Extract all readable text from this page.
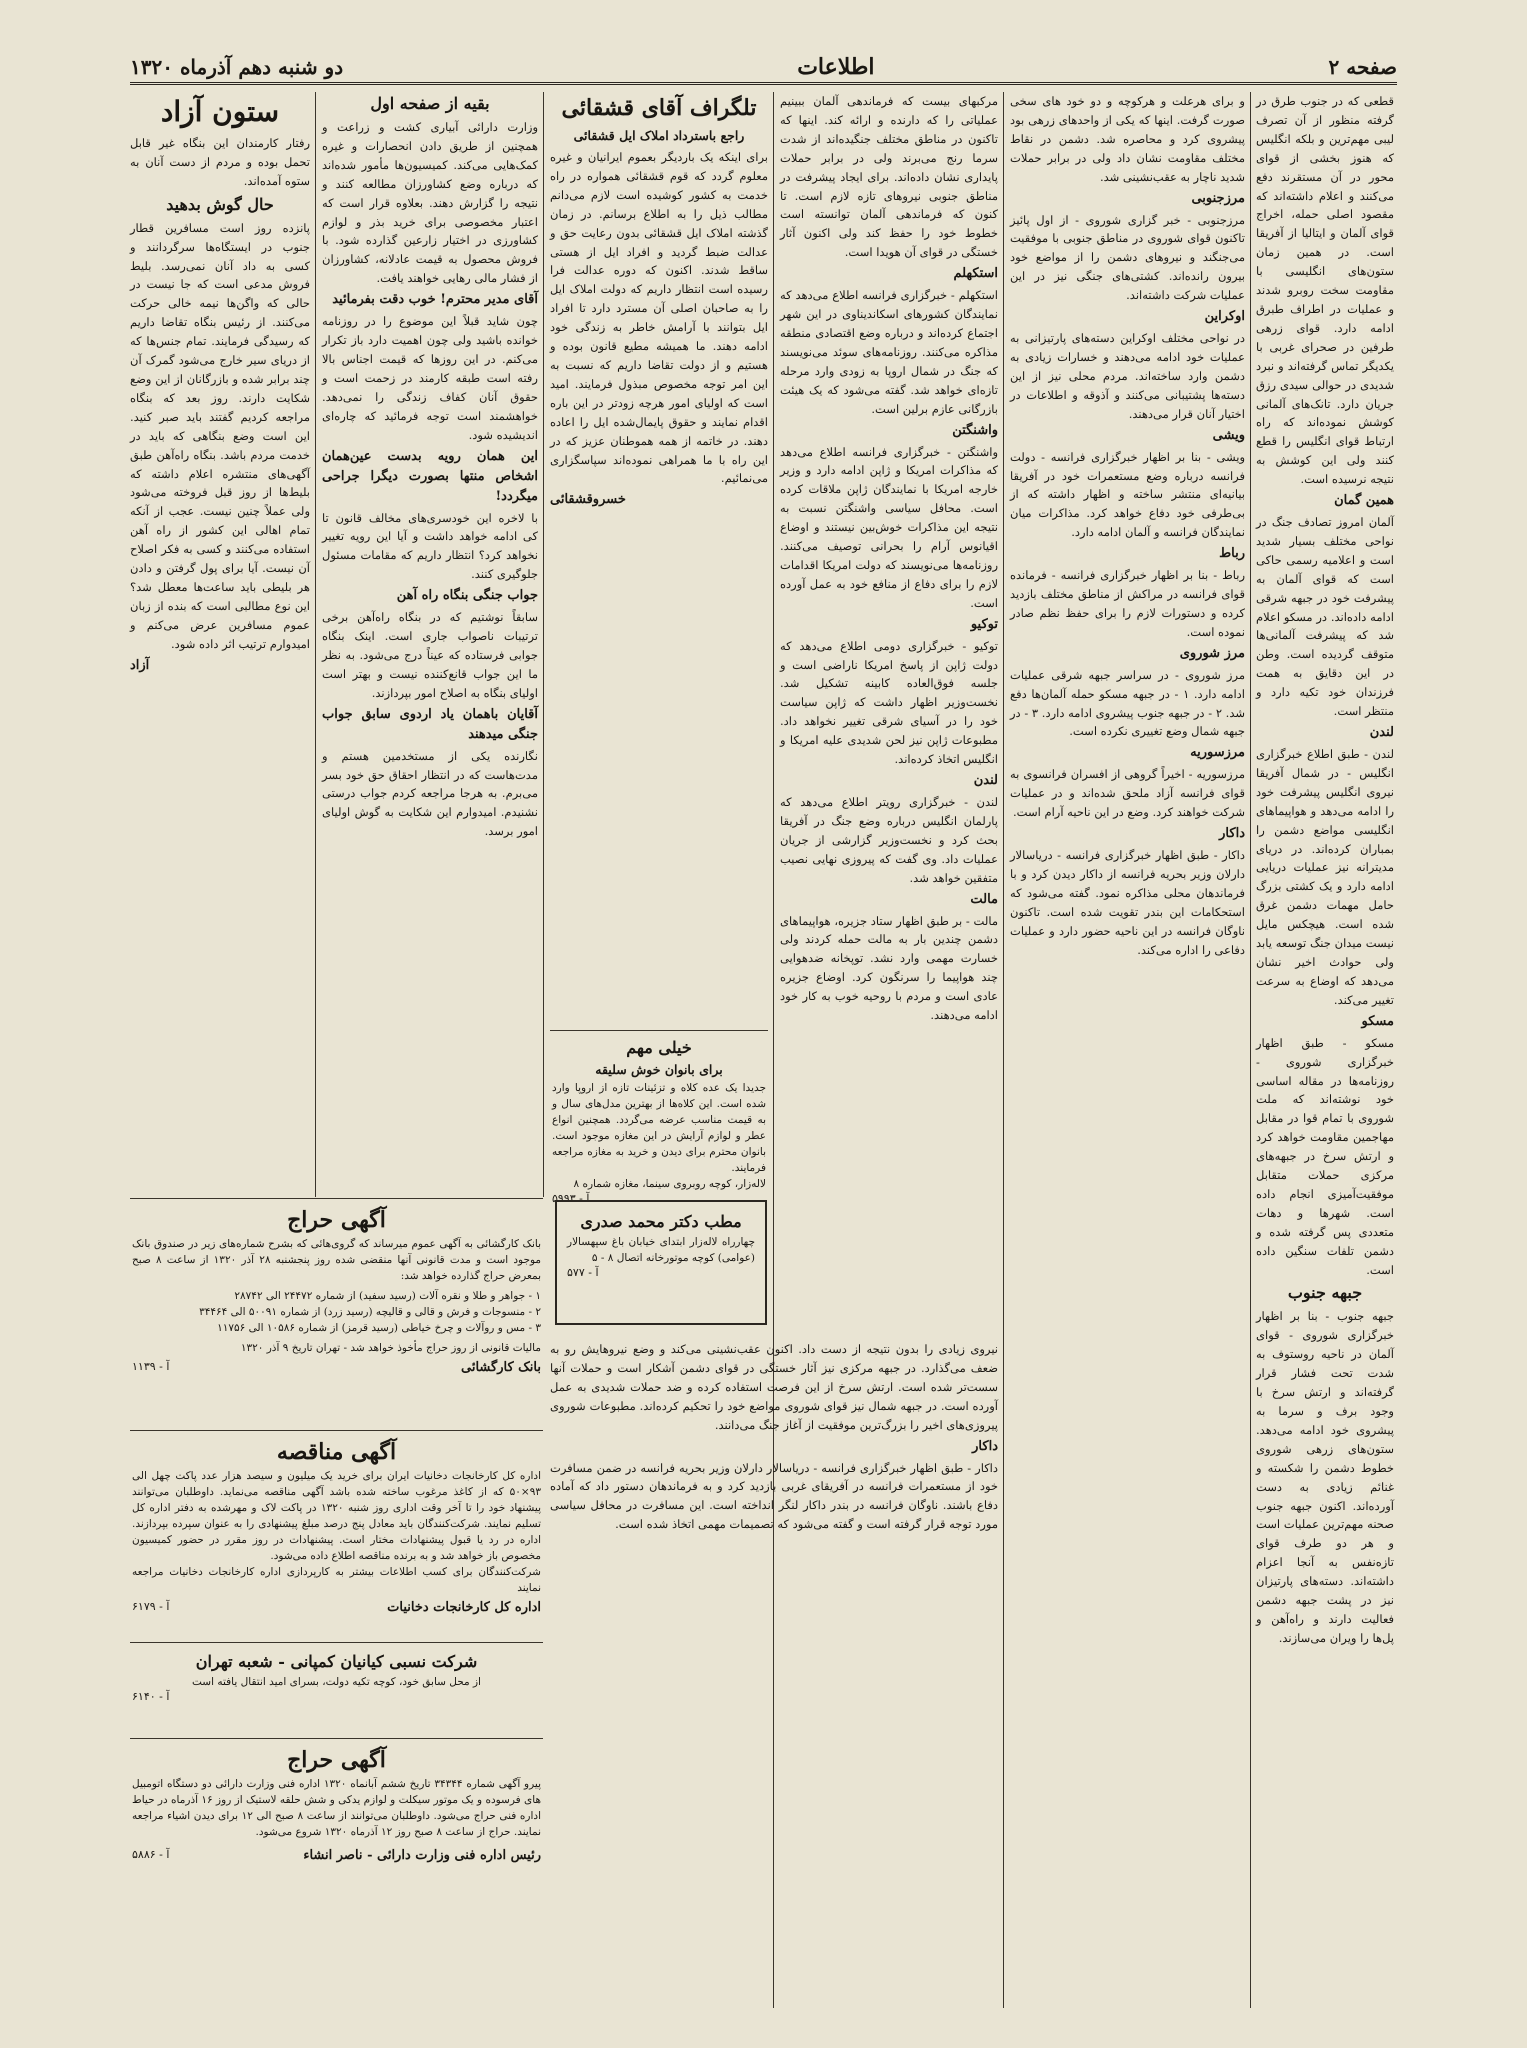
صفحه ۲
اطلاعات
دو شنبه دهم آذرماه ۱۳۲۰

قطعی که در جنوب طرق در گرفته منظور از آن تصرف لیبی مهم‌ترین و بلکه انگلیس که هنوز بخشی از قوای محور در آن مستقرند دفع می‌کنند و اعلام داشته‌اند که مقصود اصلی حمله، اخراج قوای آلمان و ایتالیا از آفریقا است. در همین زمان ستون‌های انگلیسی با مقاومت سخت روبرو شدند و عملیات در اطراف طبرق ادامه دارد. قوای زرهی طرفین در صحرای غربی با یکدیگر تماس گرفته‌اند و نبرد شدیدی در حوالی سیدی رزق جریان دارد. تانک‌های آلمانی کوشش نموده‌اند که راه ارتباط قوای انگلیس را قطع کنند ولی این کوشش به نتیجه نرسیده است.

همین گمان

آلمان امروز تصادف جنگ در نواحی مختلف بسیار شدید است و اعلامیه رسمی حاکی است که قوای آلمان به پیشرفت خود در جبهه شرقی ادامه داده‌اند. در مسکو اعلام شد که پیشرفت آلمانی‌ها متوقف گردیده است. وطن در این دقایق به همت فرزندان خود تکیه دارد و منتظر است.

لندن

لندن - طبق اطلاع خبرگزاری انگلیس - در شمال آفریقا نیروی انگلیس پیشرفت خود را ادامه می‌دهد و هواپیماهای انگلیسی مواضع دشمن را بمباران کرده‌اند. در دریای مدیترانه نیز عملیات دریایی ادامه دارد و یک کشتی بزرگ حامل مهمات دشمن غرق شده است. هیچکس مایل نیست میدان جنگ توسعه یابد ولی حوادث اخیر نشان می‌دهد که اوضاع به سرعت تغییر می‌کند.

مسکو

مسکو - طبق اظهار خبرگزاری شوروی - روزنامه‌ها در مقاله اساسی خود نوشته‌اند که ملت شوروی با تمام قوا در مقابل مهاجمین مقاومت خواهد کرد و ارتش سرخ در جبهه‌های مرکزی حملات متقابل موفقیت‌آمیزی انجام داده است. شهرها و دهات متعددی پس گرفته شده و دشمن تلفات سنگین داده است.

جبهه جنوب

جبهه جنوب - بنا بر اظهار خبرگزاری شوروی - قوای آلمان در ناحیه روستوف به شدت تحت فشار قرار گرفته‌اند و ارتش سرخ با وجود برف و سرما به پیشروی خود ادامه می‌دهد. ستون‌های زرهی شوروی خطوط دشمن را شکسته و غنائم زیادی به دست آورده‌اند. اکنون جبهه جنوب صحنه مهم‌ترین عملیات است و هر دو طرف قوای تازه‌نفس به آنجا اعزام داشته‌اند. دسته‌های پارتیزان نیز در پشت جبهه دشمن فعالیت دارند و راه‌آهن و پل‌ها را ویران می‌سازند.

و برای هرعلت و هرکوچه و دو خود های سخی صورت گرفت. اینها که یکی از واحدهای زرهی بود پیشروی کرد و محاصره شد. دشمن در نقاط مختلف مقاومت نشان داد ولی در برابر حملات شدید ناچار به عقب‌نشینی شد.

مرزجنوبی

مرزجنوبی - خبر گزاری شوروی - از اول پائیز تاکنون قوای شوروی در مناطق جنوبی با موفقیت می‌جنگند و نیروهای دشمن را از مواضع خود بیرون رانده‌اند. کشتی‌های جنگی نیز در این عملیات شرکت داشته‌اند.

اوکراین

در نواحی مختلف اوکراین دسته‌های پارتیزانی به عملیات خود ادامه می‌دهند و خسارات زیادی به دشمن وارد ساخته‌اند. مردم محلی نیز از این دسته‌ها پشتیبانی می‌کنند و آذوقه و اطلاعات در اختیار آنان قرار می‌دهند.

ویشی

ویشی - بنا بر اظهار خبرگزاری فرانسه - دولت فرانسه درباره وضع مستعمرات خود در آفریقا بیانیه‌ای منتشر ساخته و اظهار داشته که از بی‌طرفی خود دفاع خواهد کرد. مذاکرات میان نمایندگان فرانسه و آلمان ادامه دارد.

رباط

رباط - بنا بر اظهار خبرگزاری فرانسه - فرمانده قوای فرانسه در مراکش از مناطق مختلف بازدید کرده و دستورات لازم را برای حفظ نظم صادر نموده است.

مرز شوروی

مرز شوروی - در سراسر جبهه شرقی عملیات ادامه دارد. ۱ - در جبهه مسکو حمله آلمان‌ها دفع شد. ۲ - در جبهه جنوب پیشروی ادامه دارد. ۳ - در جبهه شمال وضع تغییری نکرده است.

مرزسوریه

مرزسوریه - اخیراً گروهی از افسران فرانسوی به قوای فرانسه آزاد ملحق شده‌اند و در عملیات شرکت خواهند کرد. وضع در این ناحیه آرام است.

داکار

داکار - طبق اظهار خبرگزاری فرانسه - دریاسالار دارلان وزیر بحریه فرانسه از داکار دیدن کرد و با فرماندهان محلی مذاکره نمود. گفته می‌شود که استحکامات این بندر تقویت شده است. تاکنون ناوگان فرانسه در این ناحیه حضور دارد و عملیات دفاعی را اداره می‌کند.

مرکبهای بیست که فرماندهی آلمان ببینیم عملیاتی را که دارنده و ارائه کند. اینها که تاکنون در مناطق مختلف جنگیده‌اند از شدت سرما رنج می‌برند ولی در برابر حملات پایداری نشان داده‌اند. برای ایجاد پیشرفت در مناطق جنوبی نیروهای تازه لازم است. تا کنون که فرماندهی آلمان توانسته است خطوط خود را حفظ کند ولی اکنون آثار خستگی در قوای آن هویدا است.

استکهلم

استکهلم - خبرگزاری فرانسه اطلاع می‌دهد که نمایندگان کشورهای اسکاندیناوی در این شهر اجتماع کرده‌اند و درباره وضع اقتصادی منطقه مذاکره می‌کنند. روزنامه‌های سوئد می‌نویسند که جنگ در شمال اروپا به زودی وارد مرحله تازه‌ای خواهد شد. گفته می‌شود که یک هیئت بازرگانی عازم برلین است.

واشنگتن

واشنگتن - خبرگزاری فرانسه اطلاع می‌دهد که مذاکرات امریکا و ژاپن ادامه دارد و وزیر خارجه امریکا با نمایندگان ژاپن ملاقات کرده است. محافل سیاسی واشنگتن نسبت به نتیجه این مذاکرات خوش‌بین نیستند و اوضاع اقیانوس آرام را بحرانی توصیف می‌کنند. روزنامه‌ها می‌نویسند که دولت امریکا اقدامات لازم را برای دفاع از منافع خود به عمل آورده است.

توکیو

توکیو - خبرگزاری دومی اطلاع می‌دهد که دولت ژاپن از پاسخ امریکا ناراضی است و جلسه فوق‌العاده کابینه تشکیل شد. نخست‌وزیر اظهار داشت که ژاپن سیاست خود را در آسیای شرقی تغییر نخواهد داد. مطبوعات ژاپن نیز لحن شدیدی علیه امریکا و انگلیس اتخاذ کرده‌اند.

لندن

لندن - خبرگزاری رویتر اطلاع می‌دهد که پارلمان انگلیس درباره وضع جنگ در آفریقا بحث کرد و نخست‌وزیر گزارشی از جریان عملیات داد. وی گفت که پیروزی نهایی نصیب متفقین خواهد شد.

مالت

مالت - بر طبق اظهار ستاد جزیره، هواپیماهای دشمن چندین بار به مالت حمله کردند ولی خسارت مهمی وارد نشد. توپخانه ضدهوایی چند هواپیما را سرنگون کرد. اوضاع جزیره عادی است و مردم با روحیه خوب به کار خود ادامه می‌دهند.

تلگراف آقای قشقائی

راجع باسترداد املاک ایل قشقائی

برای اینکه یک باردیگر بعموم ایرانیان و غیره معلوم گردد که قوم قشقائی همواره در راه خدمت به کشور کوشیده است لازم می‌دانم مطالب ذیل را به اطلاع برسانم. در زمان گذشته املاک ایل قشقائی بدون رعایت حق و عدالت ضبط گردید و افراد ایل از هستی ساقط شدند. اکنون که دوره عدالت فرا رسیده است انتظار داریم که دولت املاک ایل را به صاحبان اصلی آن مسترد دارد تا افراد ایل بتوانند با آرامش خاطر به زندگی خود ادامه دهند. ما همیشه مطیع قانون بوده و هستیم و از دولت تقاضا داریم که نسبت به این امر توجه مخصوص مبذول فرمایند. امید است که اولیای امور هرچه زودتر در این باره اقدام نمایند و حقوق پایمال‌شده ایل را اعاده دهند. در خاتمه از همه هموطنان عزیز که در این راه با ما همراهی نموده‌اند سپاسگزاری می‌نمائیم.

خسروقشقائی

خیلی مهم

برای بانوان خوش سلیقه

جدیدا یک عده کلاه و تزئینات تازه از اروپا وارد شده است. این کلاه‌ها از بهترین مدل‌های سال و به قیمت مناسب عرضه می‌گردد. همچنین انواع عطر و لوازم آرایش در این مغازه موجود است. بانوان محترم برای دیدن و خرید به مغازه مراجعه فرمایند.

لاله‌زار، کوچه روبروی سینما، مغازه شماره ۸

آ - ۵۹۹۳

مطب دکتر محمد صدری

چهارراه لاله‌زار ابتدای خیابان باغ سپهسالار (عوامی) کوچه موتورخانه اتصال ۸ - ۵

آ - ۵۷۷

نیروی زیادی را بدون نتیجه از دست داد. اکنون عقب‌نشینی می‌کند و وضع نیروهایش رو به ضعف می‌گذارد. در جبهه مرکزی نیز آثار خستگی در قوای دشمن آشکار است و حملات آنها سست‌تر شده است. ارتش سرخ از این فرصت استفاده کرده و ضد حملات شدیدی به عمل آورده است. در جبهه شمال نیز قوای شوروی مواضع خود را تحکیم کرده‌اند. مطبوعات شوروی پیروزی‌های اخیر را بزرگ‌ترین موفقیت از آغاز جنگ می‌دانند.

داکار

داکار - طبق اظهار خبرگزاری فرانسه - دریاسالار دارلان وزیر بحریه فرانسه در ضمن مسافرت خود از مستعمرات فرانسه در آفریقای غربی بازدید کرد و به فرماندهان دستور داد که آماده دفاع باشند. ناوگان فرانسه در بندر داکار لنگر انداخته است. این مسافرت در محافل سیاسی مورد توجه قرار گرفته است و گفته می‌شود که تصمیمات مهمی اتخاذ شده است.

بقیه از صفحه اول

وزارت دارائی آبیاری کشت و زراعت و همچنین از طریق دادن انحصارات و غیره کمک‌هایی می‌کند. کمیسیون‌ها مأمور شده‌اند که درباره وضع کشاورزان مطالعه کنند و نتیجه را گزارش دهند. بعلاوه قرار است که اعتبار مخصوصی برای خرید بذر و لوازم کشاورزی در اختیار زارعین گذارده شود. با فروش محصول به قیمت عادلانه، کشاورزان از فشار مالی رهایی خواهند یافت.

آقای مدیر محترم! خوب دقت بفرمائید

چون شاید قبلاً این موضوع را در روزنامه خوانده باشید ولی چون اهمیت دارد باز تکرار می‌کنم. در این روزها که قیمت اجناس بالا رفته است طبقه کارمند در زحمت است و حقوق آنان کفاف زندگی را نمی‌دهد. خواهشمند است توجه فرمائید که چاره‌ای اندیشیده شود.

این همان رویه بدست عین‌همان اشخاص منتها بصورت دیگرا جراحی میگردد!

با لاخره این خودسری‌های مخالف قانون تا کی ادامه خواهد داشت و آیا این رویه تغییر نخواهد کرد؟ انتظار داریم که مقامات مسئول جلوگیری کنند.

جواب جنگی بنگاه راه آهن

سابقاً نوشتیم که در بنگاه راه‌آهن برخی ترتیبات ناصواب جاری است. اینک بنگاه جوابی فرستاده که عیناً درج می‌شود. به نظر ما این جواب قانع‌کننده نیست و بهتر است اولیای بنگاه به اصلاح امور بپردازند.

آقایان باهمان یاد اردوی سابق جواب جنگی میدهند

نگارنده یکی از مستخدمین هستم و مدت‌هاست که در انتظار احقاق حق خود بسر می‌برم. به هرجا مراجعه کردم جواب درستی نشنیدم. امیدوارم این شکایت به گوش اولیای امور برسد.

ستون آزاد

رفتار کارمندان این بنگاه غیر قابل تحمل بوده و مردم از دست آنان به ستوه آمده‌اند.

حال گوش بدهید

پانزده روز است مسافرین قطار جنوب در ایستگاه‌ها سرگردانند و کسی به داد آنان نمی‌رسد. بلیط فروش مدعی است که جا نیست در حالی که واگن‌ها نیمه خالی حرکت می‌کنند. از رئیس بنگاه تقاضا داریم که رسیدگی فرمایند. تمام جنس‌ها که از دریای سیر خارج می‌شود گمرک آن چند برابر شده و بازرگانان از این وضع شکایت دارند. روز بعد که بنگاه مراجعه کردیم گفتند باید صبر کنید. این است وضع بنگاهی که باید در خدمت مردم باشد. بنگاه راه‌آهن طبق آگهی‌های منتشره اعلام داشته که بلیط‌ها از روز قبل فروخته می‌شود ولی عملاً چنین نیست. عجب از آنکه تمام اهالی این کشور از راه آهن استفاده می‌کنند و کسی به فکر اصلاح آن نیست. آیا برای پول گرفتن و دادن هر بلیطی باید ساعت‌ها معطل شد؟ این نوع مطالبی است که بنده از زبان عموم مسافرین عرض می‌کنم و امیدوارم ترتیب اثر داده شود.

آزاد

آگهی حراج

بانک کارگشائی به آگهی عموم میرساند که گروی‌هائی که بشرح شماره‌های زیر در صندوق بانک موجود است و مدت قانونی آنها منقضی شده روز پنجشنبه ۲۸ آذر ۱۳۲۰ از ساعت ۸ صبح بمعرض حراج گذارده خواهد شد:

۱ - جواهر و طلا و نقره آلات (رسید سفید) از شماره ۲۴۴۷۲ الی ۲۸۷۴۲
۲ - منسوجات و فرش و قالی و قالیچه (رسید زرد) از شماره ۵۰۰۹۱ الی ۳۴۴۶۴
۳ - مس و روآلات و چرخ خیاطی (رسید قرمز) از شماره ۱۰۵۸۶ الی ۱۱۷۵۶

مالیات قانونی از روز حراج مأخوذ خواهد شد - تهران تاریخ ۹ آذر ۱۳۲۰

بانک کارگشائی
آ - ۱۱۳۹

آگهی مناقصه

اداره کل کارخانجات دخانیات ایران برای خرید یک میلیون و سیصد هزار عدد پاکت چهل الی ۹۳×۵۰ که از کاغذ مرغوب ساخته شده باشد آگهی مناقصه می‌نماید. داوطلبان می‌توانند پیشنهاد خود را تا آخر وقت اداری روز شنبه ۱۳۲۰ در پاکت لاک و مهرشده به دفتر اداره کل تسلیم نمایند. شرکت‌کنندگان باید معادل پنج درصد مبلغ پیشنهادی را به عنوان سپرده بپردازند. اداره در رد یا قبول پیشنهادات مختار است. پیشنهادات در روز مقرر در حضور کمیسیون مخصوص باز خواهد شد و به برنده مناقصه اطلاع داده می‌شود.

شرکت‌کنندگان برای کسب اطلاعات بیشتر به کارپردازی اداره کارخانجات دخانیات مراجعه نمایند

اداره کل کارخانجات دخانیات
آ - ۶۱۷۹

شرکت نسبی کیانیان کمپانی - شعبه تهران

از محل سابق خود، کوچه تکیه دولت، بسرای امید انتقال یافته است

آ - ۶۱۴۰

آگهی حراج

پیرو آگهی شماره ۳۴۳۴۴ تاریخ ششم آبانماه ۱۳۲۰ اداره فنی وزارت دارائی دو دستگاه اتومبیل های فرسوده و یک موتور سیکلت و لوازم یدکی و شش حلقه لاستیک از روز ۱۶ آذرماه در حیاط اداره فنی حراج می‌شود. داوطلبان می‌توانند از ساعت ۸ صبح الی ۱۲ برای دیدن اشیاء مراجعه نمایند. حراج از ساعت ۸ صبح روز ۱۲ آذرماه ۱۳۲۰ شروع می‌شود.

رئیس اداره فنی وزارت دارائی - ناصر انشاء
آ - ۵۸۸۶
